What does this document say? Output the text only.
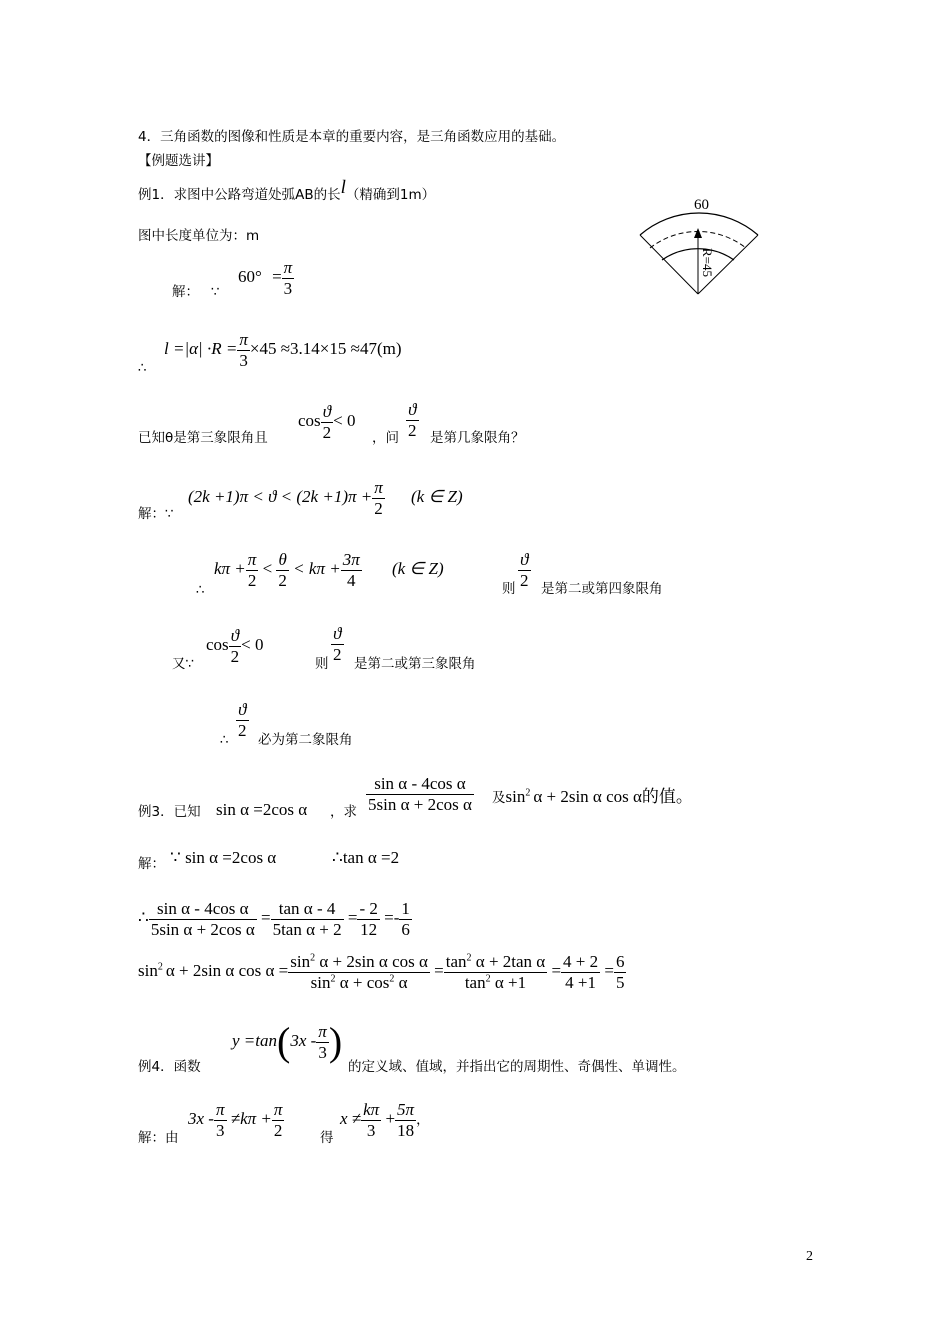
4．三角函数的图像和性质是本章的重要内容，是三角函数应用的基础。
【例题选讲】
例1．求图中公路弯道处弧AB的长l（精确到1m）
图中长度单位为：m
解： ∵
$60^\circ = \frac{\pi}{3}$
∴
$l =|\alpha| \cdot R = \frac{\pi}{3} \times 45 \approx 3.14\times 15 \approx 47(m)$
60
R=45
已知θ是第三象限角且
$\cos \frac{ϑ}{2} < 0$
，问 $\frac{ϑ}{2}$ 是第几象限角？
解：∵
$(2k +1)\pi < ϑ < (2k +1)\pi + \frac{\pi}{2} (k$ ∈ Z)
∴
$k\pi + \frac{\pi}{2} < \frac{\theta}{2} < k\pi + \frac{3\pi}{4} (k$ ∈ Z)
则 $\frac{ϑ}{2}$ 是第二或第四象限角
又∵
$\cos \frac{ϑ}{2} < 0$
则 $\frac{ϑ}{2}$ 是第二或第三象限角
∴ $\frac{ϑ}{2}$ 必为第二象限角
例3．已知 sin α =2cos α ，求 $\frac{\text{sin α - 4cos α}}{\text{5sin α + 2cos α}}$ 及$\sin^2 \alpha + 2\sin$ α cos α的值。
解： ∵ sin α =2cos α	∴tan α =2
∴ $\frac{\text{sin α - 4cos α}}{\text{5sin α + 2cos α}} = \frac{\text{tan α - 4}}{\text{5tan α + 2}} = \frac{- 2}{12} =- \frac{1}{6}$
$\sin^2 \alpha + 2\sin$ α $\cos \alpha = \frac{\sin^2 \alpha + 2\sin \alpha \cos \alpha}{\sin^2 \alpha + \cos^2 \alpha} = \frac{\tan^2 \alpha + 2\tan \alpha}{\tan^2 \alpha +1} = \frac{4 + 2}{4 +1} = \frac{6}{5}$
例4．函数
$y =\tan(3x - \frac{\pi}{3}$ )
的定义域、值域，并指出它的周期性、奇偶性、单调性。
解：由
$3x - \frac{\pi}{3} \ne k\pi + \frac{\pi}{2}$	得
$x \ne \frac{k\pi}{3} + \frac{5\pi}{18}$ ，
2
